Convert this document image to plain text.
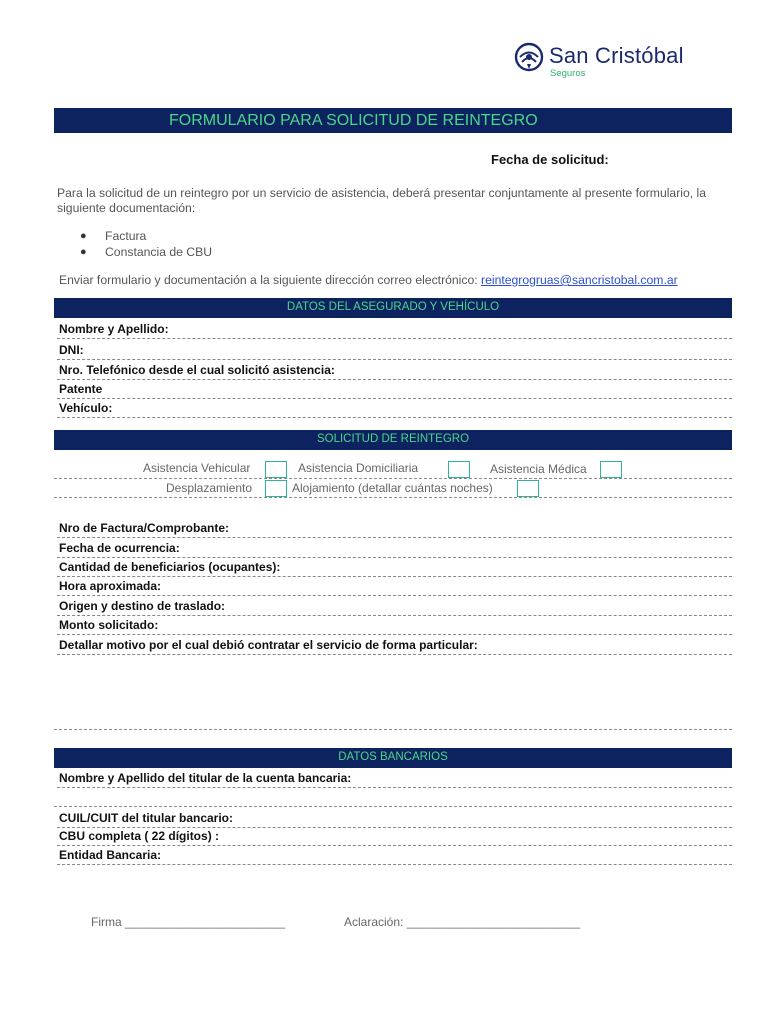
San Cristóbal
Seguros
FORMULARIO PARA SOLICITUD DE REINTEGRO
Fecha de solicitud:
Para la solicitud de un reintegro por un servicio de asistencia, deberá presentar conjuntamente al presente formulario, la siguiente documentación:
● Factura
● Constancia de CBU
Enviar formulario y documentación a la siguiente dirección correo electrónico: reintegrogruas@sancristobal.com.ar
DATOS DEL ASEGURADO Y VEHÍCULO
Nombre y Apellido:
DNI:
Nro. Telefónico desde el cual solicitó asistencia:
Patente
Vehículo:
SOLICITUD DE REINTEGRO
Asistencia Vehicular	Asistencia Domiciliaria	Asistencia Médica
Desplazamiento	Alojamiento (detallar cuántas noches)
Nro de Factura/Comprobante:
Fecha de ocurrencia:
Cantidad de beneficiarios (ocupantes):
Hora aproximada:
Origen y destino de traslado:
Monto solicitado:
Detallar motivo por el cual debió contratar el servicio de forma particular:
DATOS BANCARIOS
Nombre y Apellido del titular de la cuenta bancaria:
CUIL/CUIT del titular bancario:
CBU completa ( 22 dígitos) :
Entidad Bancaria:
Firma ________________________	Aclaración: __________________________
